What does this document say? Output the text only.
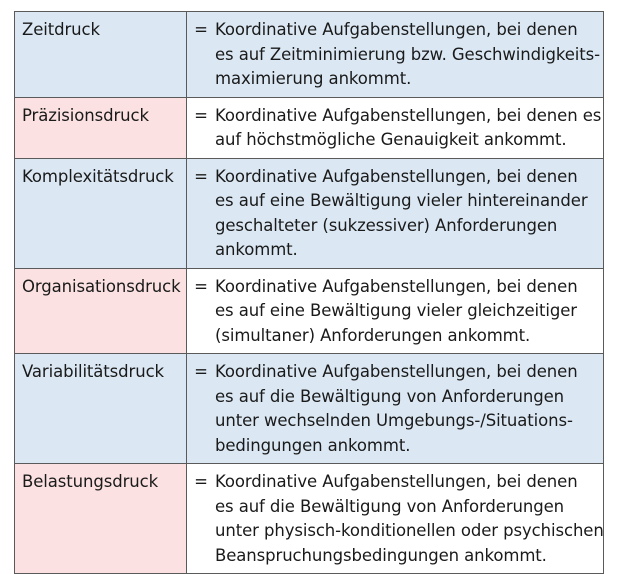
Zeitdruck	= Koordinative Aufgabenstellungen, bei denen
es auf Zeitminimierung bzw. Geschwindigkeits-
maximierung ankommt.

Präzisionsdruck	= Koordinative Aufgabenstellungen, bei denen es
auf höchstmögliche Genauigkeit ankommt.

Komplexitätsdruck	= Koordinative Aufgabenstellungen, bei denen
es auf eine Bewältigung vieler hintereinander
geschalteter (sukzessiver) Anforderungen
ankommt.

Organisationsdruck	= Koordinative Aufgabenstellungen, bei denen
es auf eine Bewältigung vieler gleichzeitiger
(simultaner) Anforderungen ankommt.

Variabilitätsdruck	= Koordinative Aufgabenstellungen, bei denen
es auf die Bewältigung von Anforderungen
unter wechselnden Umgebungs-/Situations-
bedingungen ankommt.

Belastungsdruck	= Koordinative Aufgabenstellungen, bei denen
es auf die Bewältigung von Anforderungen
unter physisch-konditionellen oder psychischen
Beanspruchungsbedingungen ankommt.
